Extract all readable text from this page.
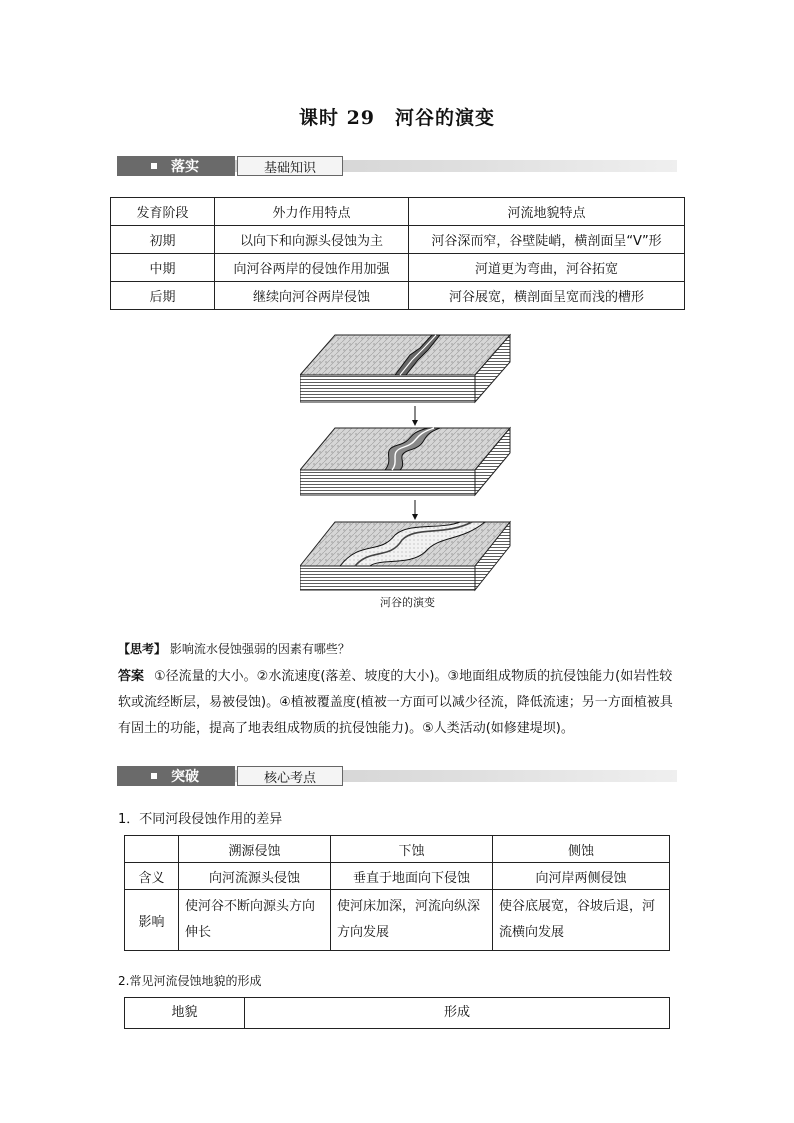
课时 29　河谷的演变
落实	基础知识
发育阶段	外力作用特点	河流地貌特点
初期	以向下和向源头侵蚀为主	河谷深而窄，谷壁陡峭，横剖面呈“V”形
中期	向河谷两岸的侵蚀作用加强	河道更为弯曲，河谷拓宽
后期	继续向河谷两岸侵蚀	河谷展宽，横剖面呈宽而浅的槽形
河谷的演变
【思考】 影响流水侵蚀强弱的因素有哪些？
答案 ①径流量的大小。②水流速度(落差、坡度的大小)。③地面组成物质的抗侵蚀能力(如岩性较软或流经断层，易被侵蚀)。④植被覆盖度(植被一方面可以减少径流，降低流速；另一方面植被具有固土的功能，提高了地表组成物质的抗侵蚀能力)。⑤人类活动(如修建堤坝)。
突破	核心考点
1．不同河段侵蚀作用的差异
	溯源侵蚀	下蚀	侧蚀
含义	向河流源头侵蚀	垂直于地面向下侵蚀	向河岸两侧侵蚀
影响	使河谷不断向源头方向伸长	使河床加深，河流向纵深方向发展	使谷底展宽，谷坡后退，河流横向发展
2.常见河流侵蚀地貌的形成
地貌	形成
